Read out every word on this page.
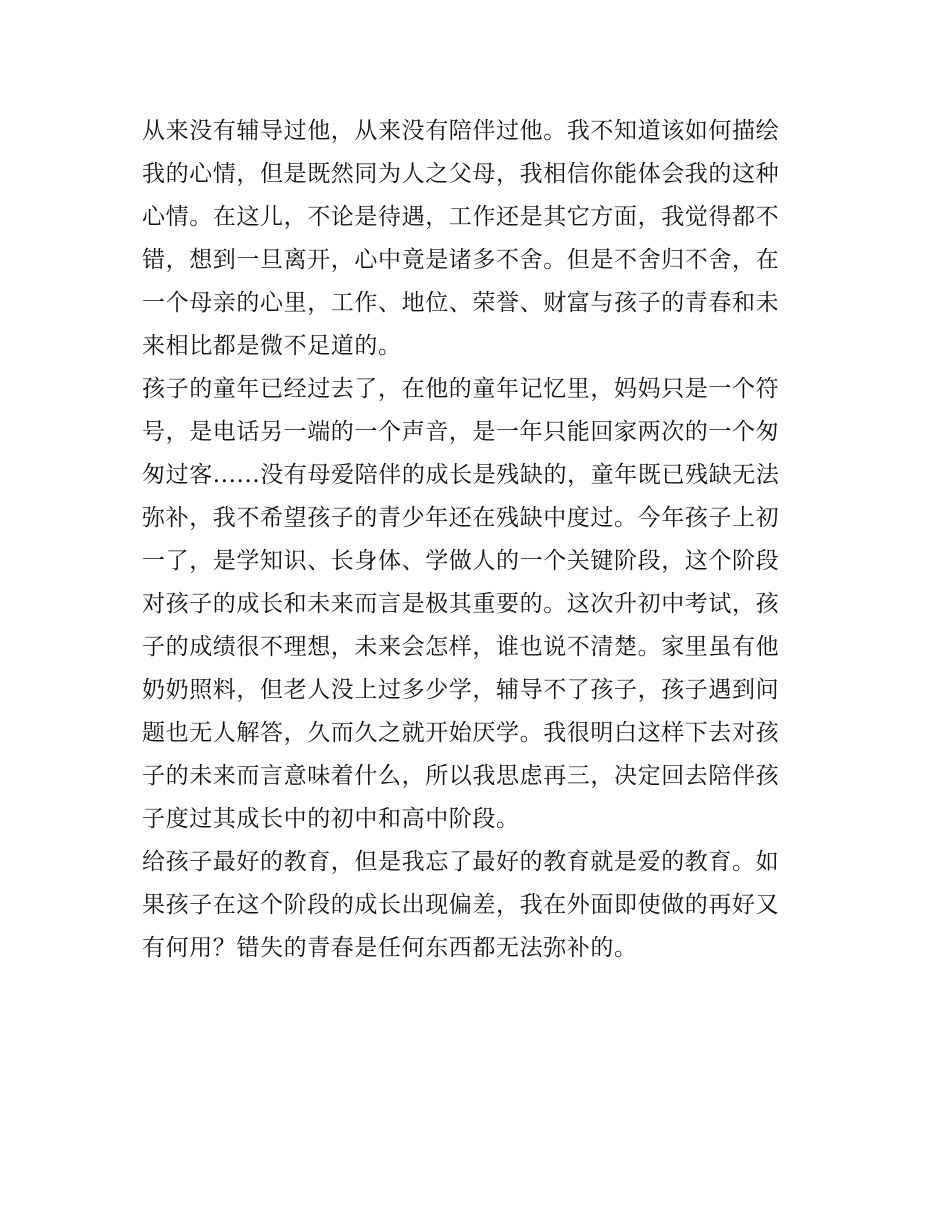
从来没有辅导过他，从来没有陪伴过他。我不知道该如何描绘
我的心情，但是既然同为人之父母，我相信你能体会我的这种
心情。在这儿，不论是待遇，工作还是其它方面，我觉得都不
错，想到一旦离开，心中竟是诸多不舍。但是不舍归不舍，在
一个母亲的心里，工作、地位、荣誉、财富与孩子的青春和未
来相比都是微不足道的。

孩子的童年已经过去了，在他的童年记忆里，妈妈只是一个符
号，是电话另一端的一个声音，是一年只能回家两次的一个匆
匆过客......没有母爱陪伴的成长是残缺的，童年既已残缺无法
弥补，我不希望孩子的青少年还在残缺中度过。今年孩子上初
一了，是学知识、长身体、学做人的一个关键阶段，这个阶段
对孩子的成长和未来而言是极其重要的。这次升初中考试，孩
子的成绩很不理想，未来会怎样，谁也说不清楚。家里虽有他
奶奶照料，但老人没上过多少学，辅导不了孩子，孩子遇到问
题也无人解答，久而久之就开始厌学。我很明白这样下去对孩
子的未来而言意味着什么，所以我思虑再三，决定回去陪伴孩
子度过其成长中的初中和高中阶段。

给孩子最好的教育，但是我忘了最好的教育就是爱的教育。如
果孩子在这个阶段的成长出现偏差，我在外面即使做的再好又
有何用？错失的青春是任何东西都无法弥补的。
